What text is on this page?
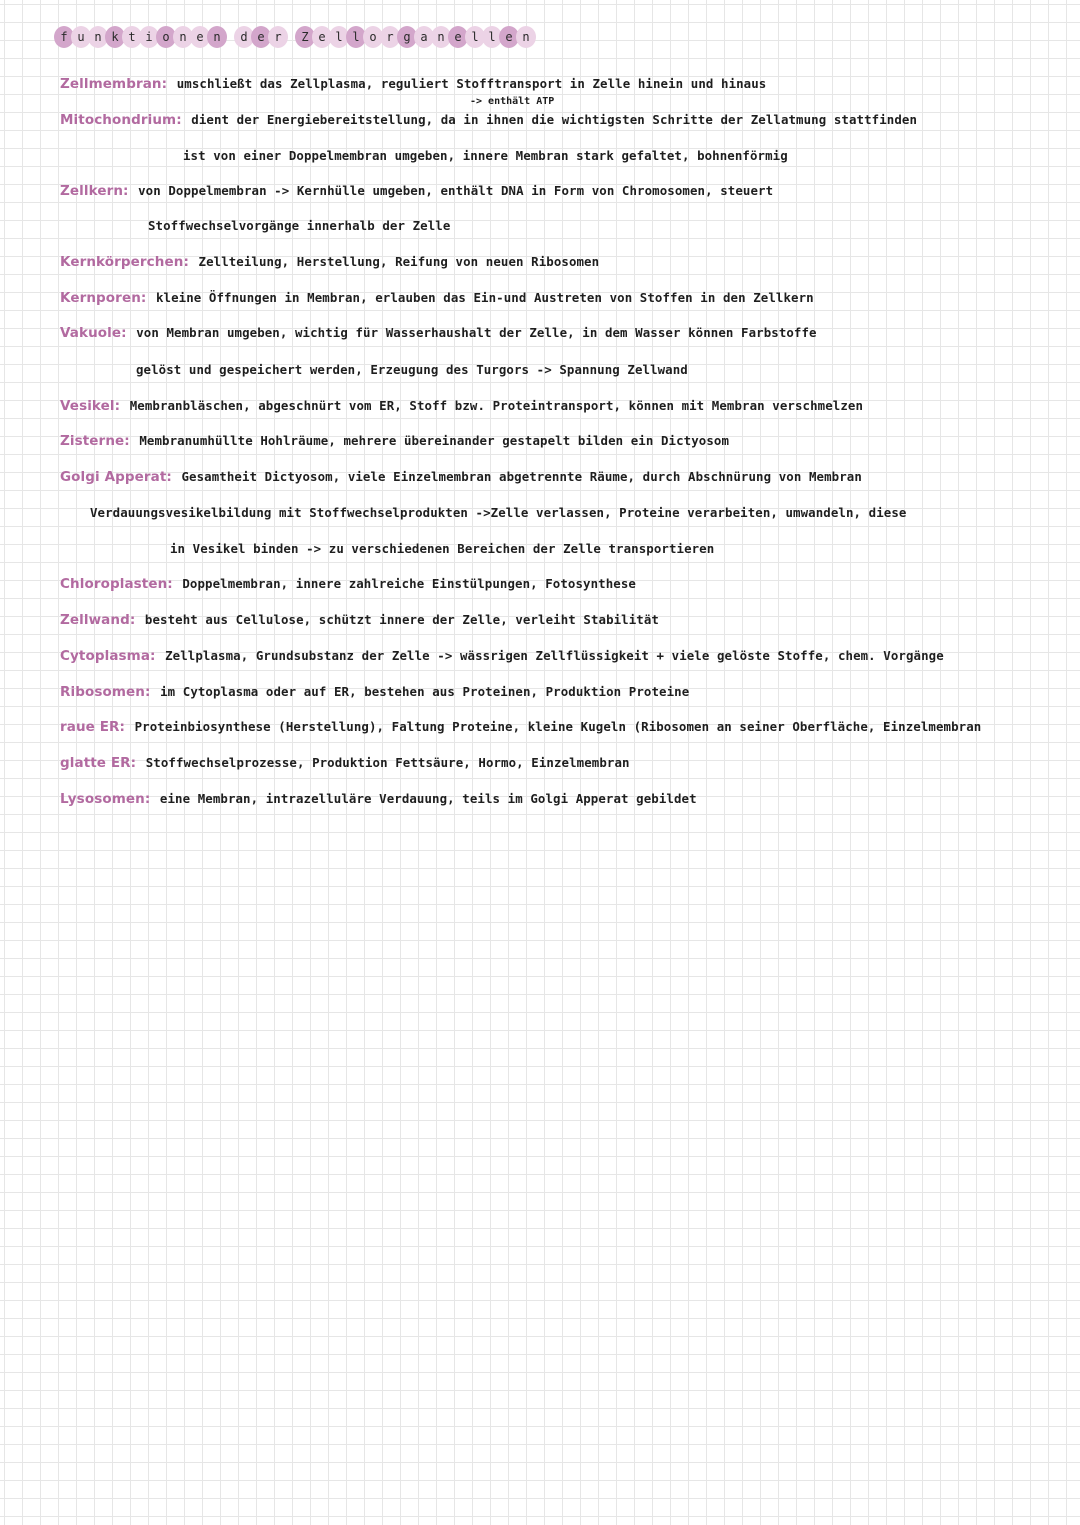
f u n k t i o n e n d e r Z e l l o r g a n e l l e n
Zellmembran: umschließt das Zellplasma, reguliert Stofftransport in Zelle hinein und hinaus
-> enthält ATP
Mitochondrium: dient der Energiebereitstellung, da in ihnen die wichtigsten Schritte der Zellatmung stattfinden
ist von einer Doppelmembran umgeben, innere Membran stark gefaltet, bohnenförmig
Zellkern: von Doppelmembran -> Kernhülle umgeben, enthält DNA in Form von Chromosomen, steuert
Stoffwechselvorgänge innerhalb der Zelle
Kernkörperchen: Zellteilung, Herstellung, Reifung von neuen Ribosomen
Kernporen: kleine Öffnungen in Membran, erlauben das Ein-und Austreten von Stoffen in den Zellkern
Vakuole: von Membran umgeben, wichtig für Wasserhaushalt der Zelle, in dem Wasser können Farbstoffe
gelöst und gespeichert werden, Erzeugung des Turgors -> Spannung Zellwand
Vesikel: Membranbläschen, abgeschnürt vom ER, Stoff bzw. Proteintransport, können mit Membran verschmelzen
Zisterne: Membranumhüllte Hohlräume, mehrere übereinander gestapelt bilden ein Dictyosom
Golgi Apperat: Gesamtheit Dictyosom, viele Einzelmembran abgetrennte Räume, durch Abschnürung von Membran
Verdauungsvesikelbildung mit Stoffwechselprodukten ->Zelle verlassen, Proteine verarbeiten, umwandeln, diese
in Vesikel binden -> zu verschiedenen Bereichen der Zelle transportieren
Chloroplasten: Doppelmembran, innere zahlreiche Einstülpungen, Fotosynthese
Zellwand: besteht aus Cellulose, schützt innere der Zelle, verleiht Stabilität
Cytoplasma: Zellplasma, Grundsubstanz der Zelle -> wässrigen Zellflüssigkeit + viele gelöste Stoffe, chem. Vorgänge
Ribosomen: im Cytoplasma oder auf ER, bestehen aus Proteinen, Produktion Proteine
raue ER: Proteinbiosynthese (Herstellung), Faltung Proteine, kleine Kugeln (Ribosomen an seiner Oberfläche, Einzelmembran
glatte ER: Stoffwechselprozesse, Produktion Fettsäure, Hormo, Einzelmembran
Lysosomen: eine Membran, intrazelluläre Verdauung, teils im Golgi Apperat gebildet
